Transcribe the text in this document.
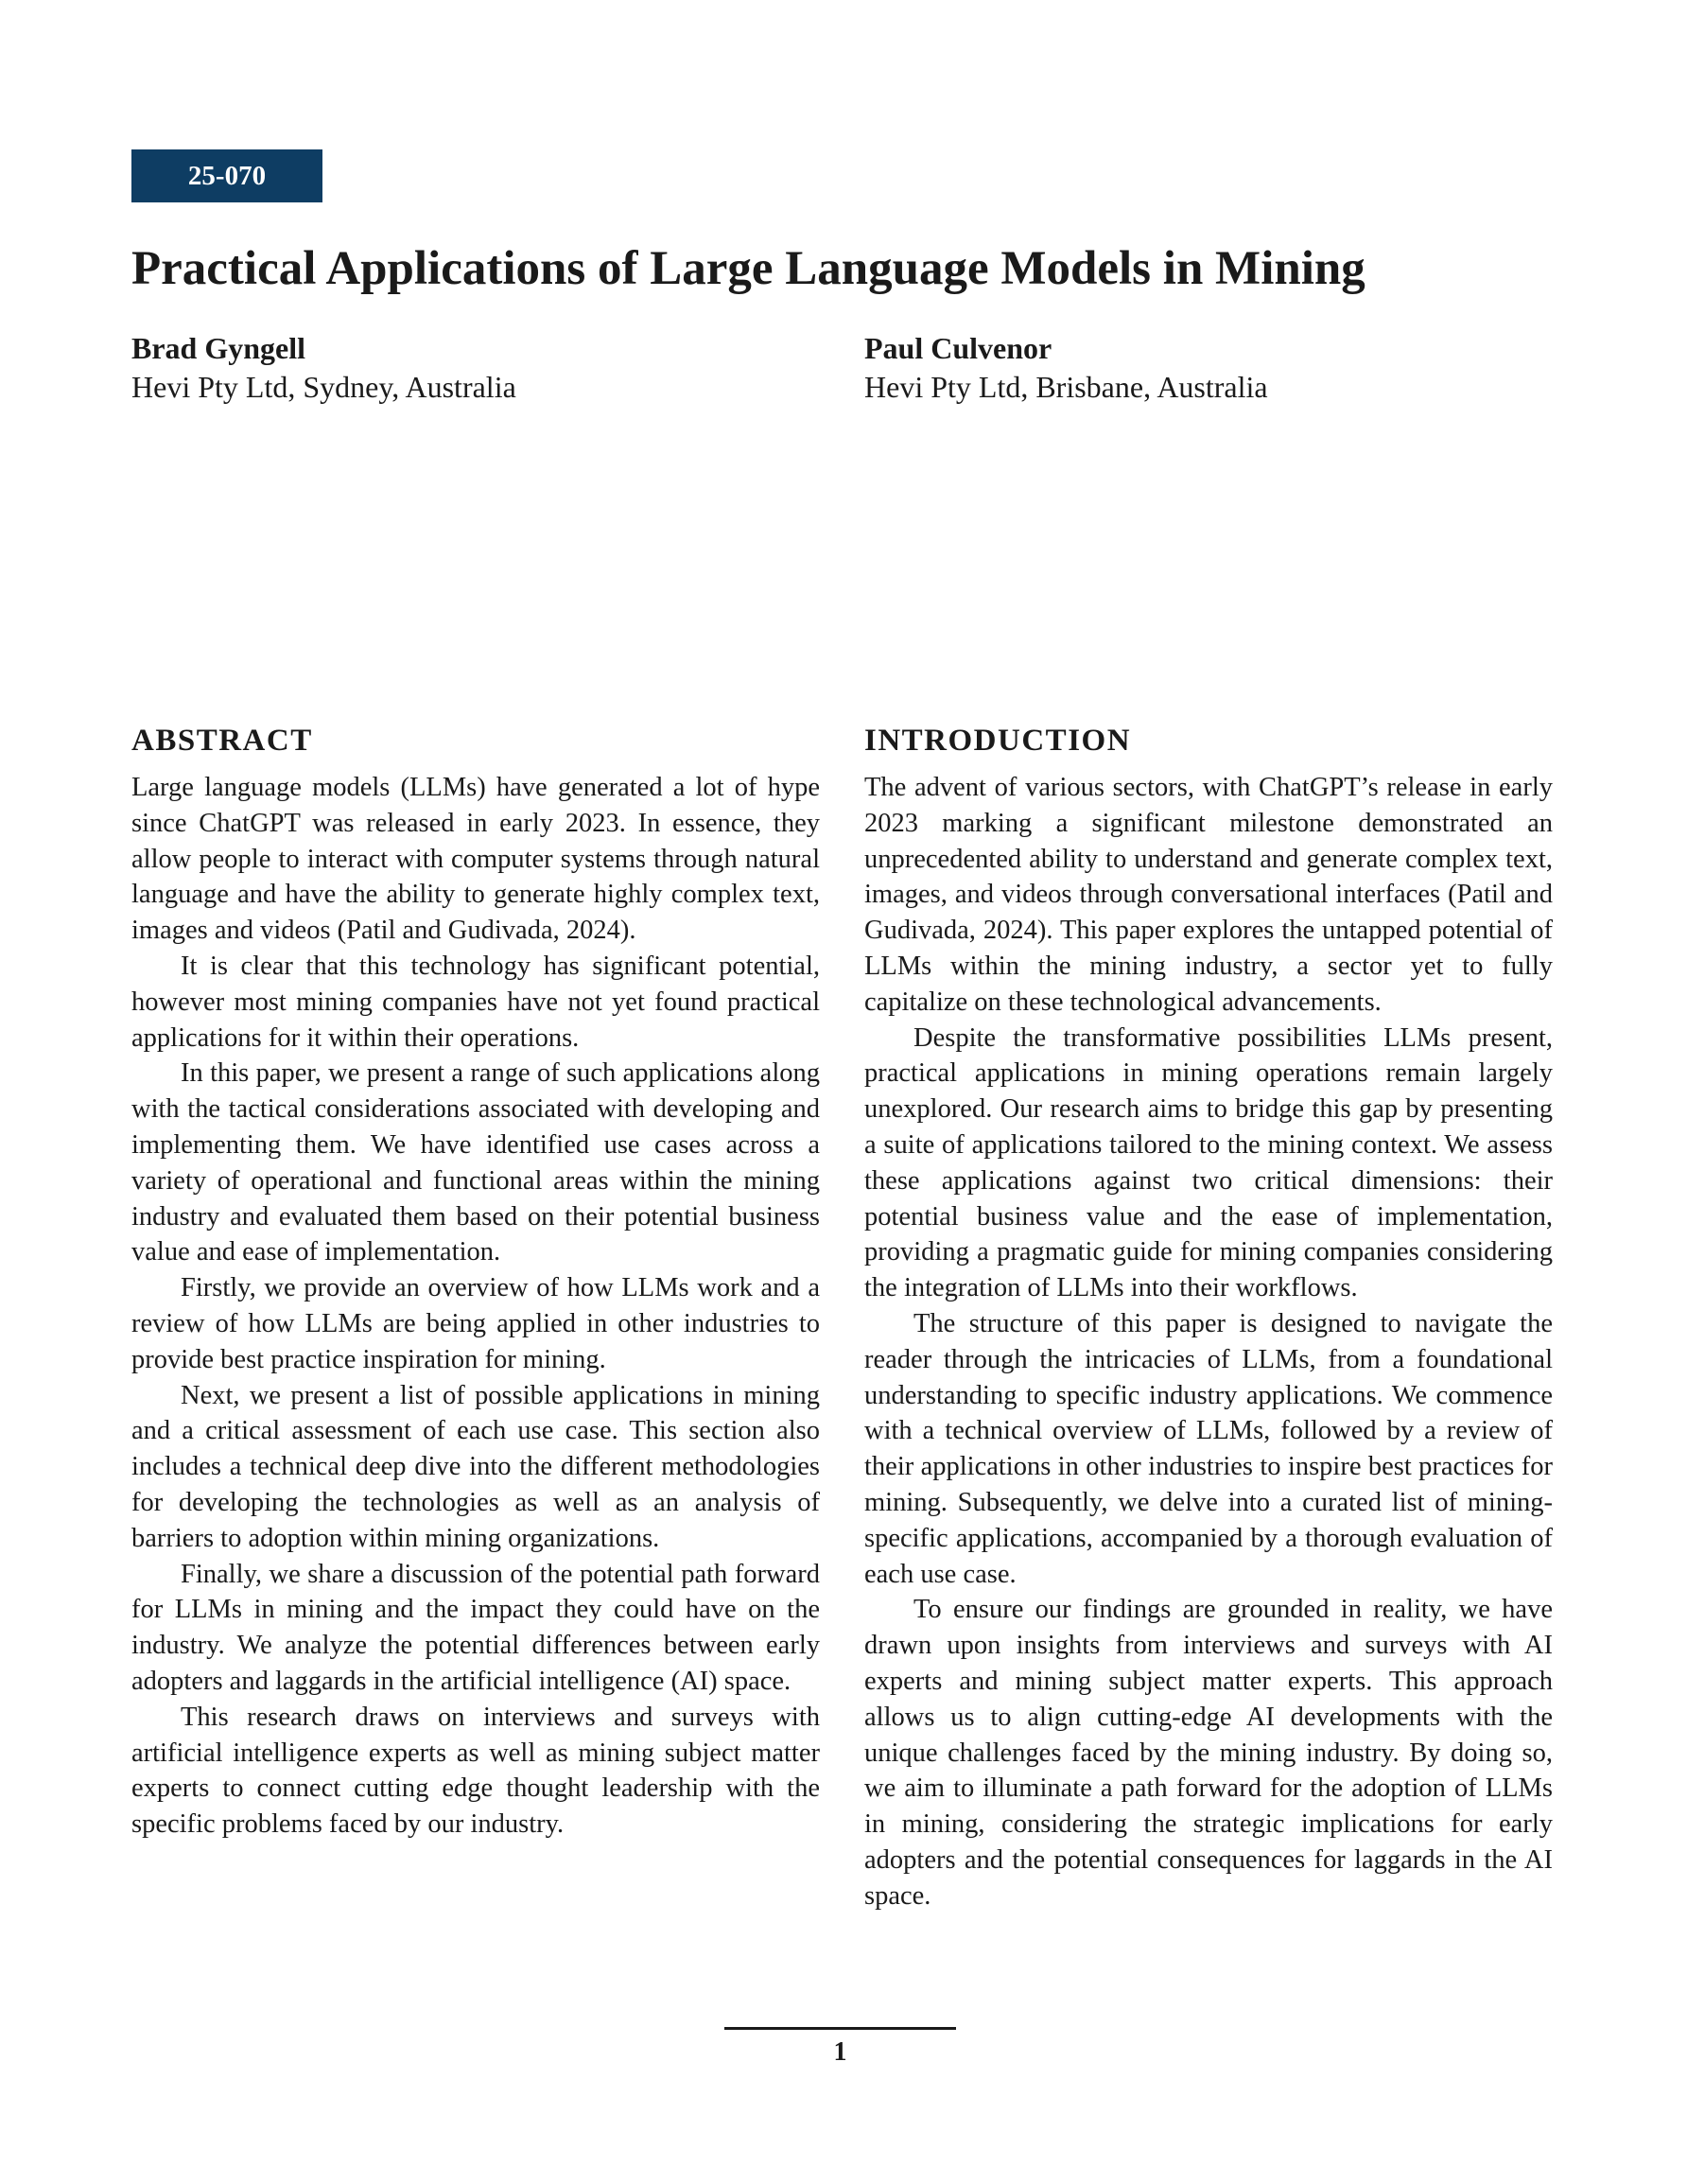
25-070
Practical Applications of Large Language Models in Mining
Brad Gyngell
Hevi Pty Ltd, Sydney, Australia
Paul Culvenor
Hevi Pty Ltd, Brisbane, Australia
ABSTRACT

Large language models (LLMs) have generated a lot of hype since ChatGPT was released in early 2023. In essence, they allow people to interact with computer systems through natural language and have the ability to generate highly complex text, images and videos (Patil and Gudivada, 2024).

It is clear that this technology has significant potential, however most mining companies have not yet found practical applications for it within their operations.

In this paper, we present a range of such applications along with the tactical considerations associated with developing and implementing them. We have identified use cases across a variety of operational and functional areas within the mining industry and evaluated them based on their potential business value and ease of implementation.

Firstly, we provide an overview of how LLMs work and a review of how LLMs are being applied in other industries to provide best practice inspiration for mining.

Next, we present a list of possible applications in mining and a critical assessment of each use case. This section also includes a technical deep dive into the different methodologies for developing the technologies as well as an analysis of barriers to adoption within mining organizations.

Finally, we share a discussion of the potential path forward for LLMs in mining and the impact they could have on the industry. We analyze the potential differences between early adopters and laggards in the artificial intelligence (AI) space.

This research draws on interviews and surveys with artificial intelligence experts as well as mining subject matter experts to connect cutting edge thought leadership with the specific problems faced by our industry.

INTRODUCTION

The advent of various sectors, with ChatGPT’s release in early 2023 marking a significant milestone demonstrated an unprecedented ability to understand and generate complex text, images, and videos through conversational interfaces (Patil and Gudivada, 2024). This paper explores the untapped potential of LLMs within the mining industry, a sector yet to fully capitalize on these technological advancements.

Despite the transformative possibilities LLMs present, practical applications in mining operations remain largely unexplored. Our research aims to bridge this gap by presenting a suite of applications tailored to the mining context. We assess these applications against two critical dimensions: their potential business value and the ease of implementation, providing a pragmatic guide for mining companies considering the integration of LLMs into their workflows.

The structure of this paper is designed to navigate the reader through the intricacies of LLMs, from a foundational understanding to specific industry applications. We commence with a technical overview of LLMs, followed by a review of their applications in other industries to inspire best practices for mining. Subsequently, we delve into a curated list of mining-specific applications, accompanied by a thorough evaluation of each use case.

To ensure our findings are grounded in reality, we have drawn upon insights from interviews and surveys with AI experts and mining subject matter experts. This approach allows us to align cutting-edge AI developments with the unique challenges faced by the mining industry. By doing so, we aim to illuminate a path forward for the adoption of LLMs in mining, considering the strategic implications for early adopters and the potential consequences for laggards in the AI space.

1
